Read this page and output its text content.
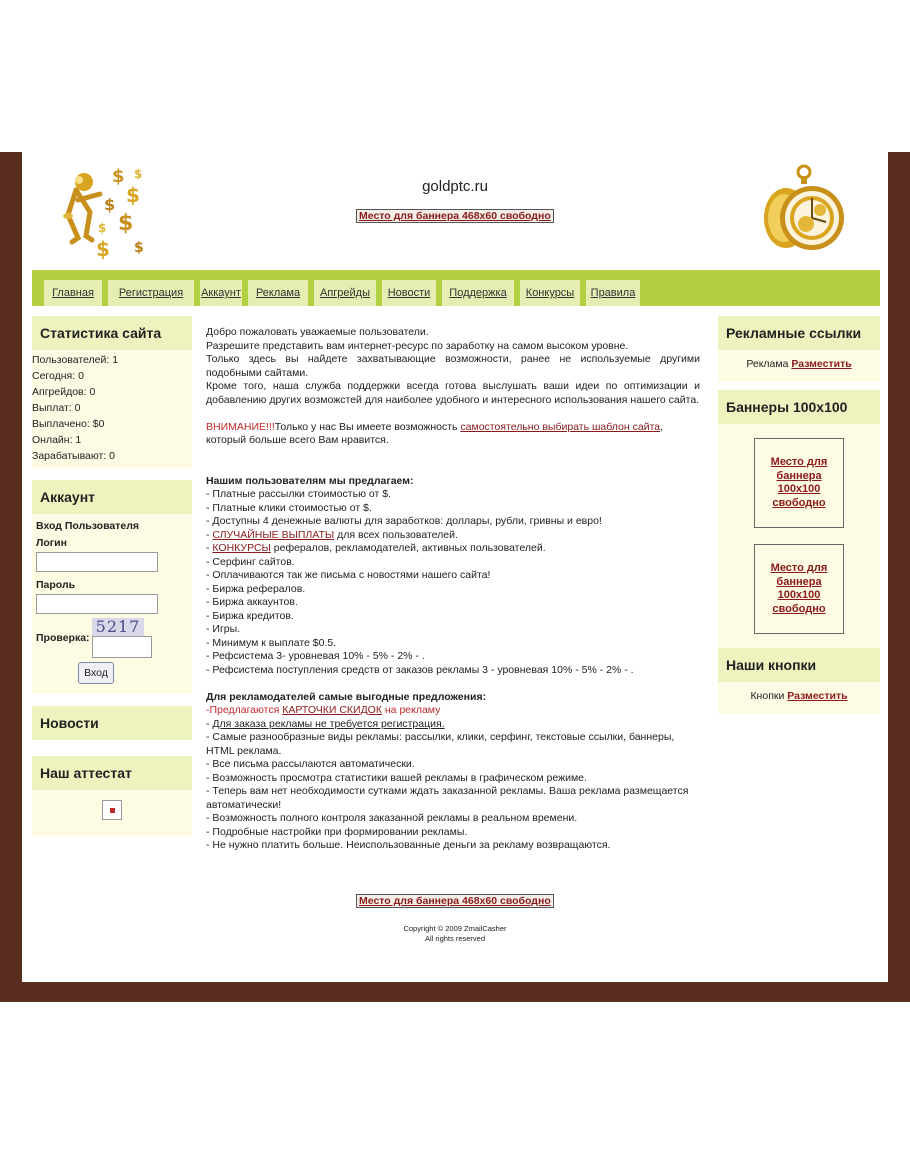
$
$
$
$
$
$ $
$
goldptc.ru
Место для баннера 468x60 свободно
Главная	Регистрация	Аккаунт	Реклама	Апгрейды	Новости	Поддержка	Конкурсы	Правила
Статистика сайта
Пользователей: 1
Сегодня: 0
Апгрейдов: 0
Выплат: 0
Выплачено: $0
Онлайн: 1
Зарабатывают: 0
Аккаунт
Вход Пользователя
Логин
Пароль
Проверка:
5217
Вход
Новости
Наш аттестат

Добро пожаловать уважаемые пользователи.

Разрешите представить вам интернет-ресурс по заработку на самом высоком уровне.

Только здесь вы найдете захватывающие возможности, ранее не используемые другими подобными сайтами.

Кроме того, наша служба поддержки всегда готова выслушать ваши идеи по оптимизации и добавлению других возможстей для наиболее удобного и интересного использования нашего сайта.

ВНИМАНИЕ!!!Только у нас Вы имеете возможность самостоятельно выбирать шаблон сайта, который больше всего Вам нравится.

Нашим пользователям мы предлагаем:

- Платные рассылки стоимостью от $.

- Платные клики стоимостью от $.

- Доступны 4 денежные валюты для заработков: доллары, рубли, гривны и евро!

- СЛУЧАЙНЫЕ ВЫПЛАТЫ для всех пользователей.

- КОНКУРСЫ рефералов, рекламодателей, активных пользователей.

- Серфинг сайтов.

- Оплачиваются так же письма с новостями нашего сайта!

- Биржа рефералов.

- Биржа аккаунтов.

- Биржа кредитов.

- Игры.

- Минимум к выплате $0.5.

- Рефсистема 3- уровневая 10% - 5% - 2% - .

- Рефсистема поступления средств от заказов рекламы 3 - уровневая 10% - 5% - 2% - .

Для рекламодателей самые выгодные предложения:

-Предлагаются КАРТОЧКИ СКИДОК на рекламу

- Для заказа рекламы не требуется регистрация.

- Самые разнообразные виды рекламы: рассылки, клики, серфинг, текстовые ссылки, баннеры, HTML реклама.

- Все письма рассылаются автоматически.

- Возможность просмотра статистики вашей рекламы в графическом режиме.

- Теперь вам нет необходимости сутками ждать заказанной рекламы. Ваша реклама размещается автоматически!

- Возможность полного контроля заказанной рекламы в реальном времени.

- Подробные настройки при формировании рекламы.

- Не нужно платить больше. Неиспользованные деньги за рекламу возвращаются.

Рекламные ссылки
Реклама Разместить
Баннеры 100x100
Место для баннера 100x100 свободно
Место для баннера 100x100 свободно
Наши кнопки
Кнопки Разместить
Место для баннера 468x60 свободно
Copyright © 2009 ZmailCasher
All rights reserved
